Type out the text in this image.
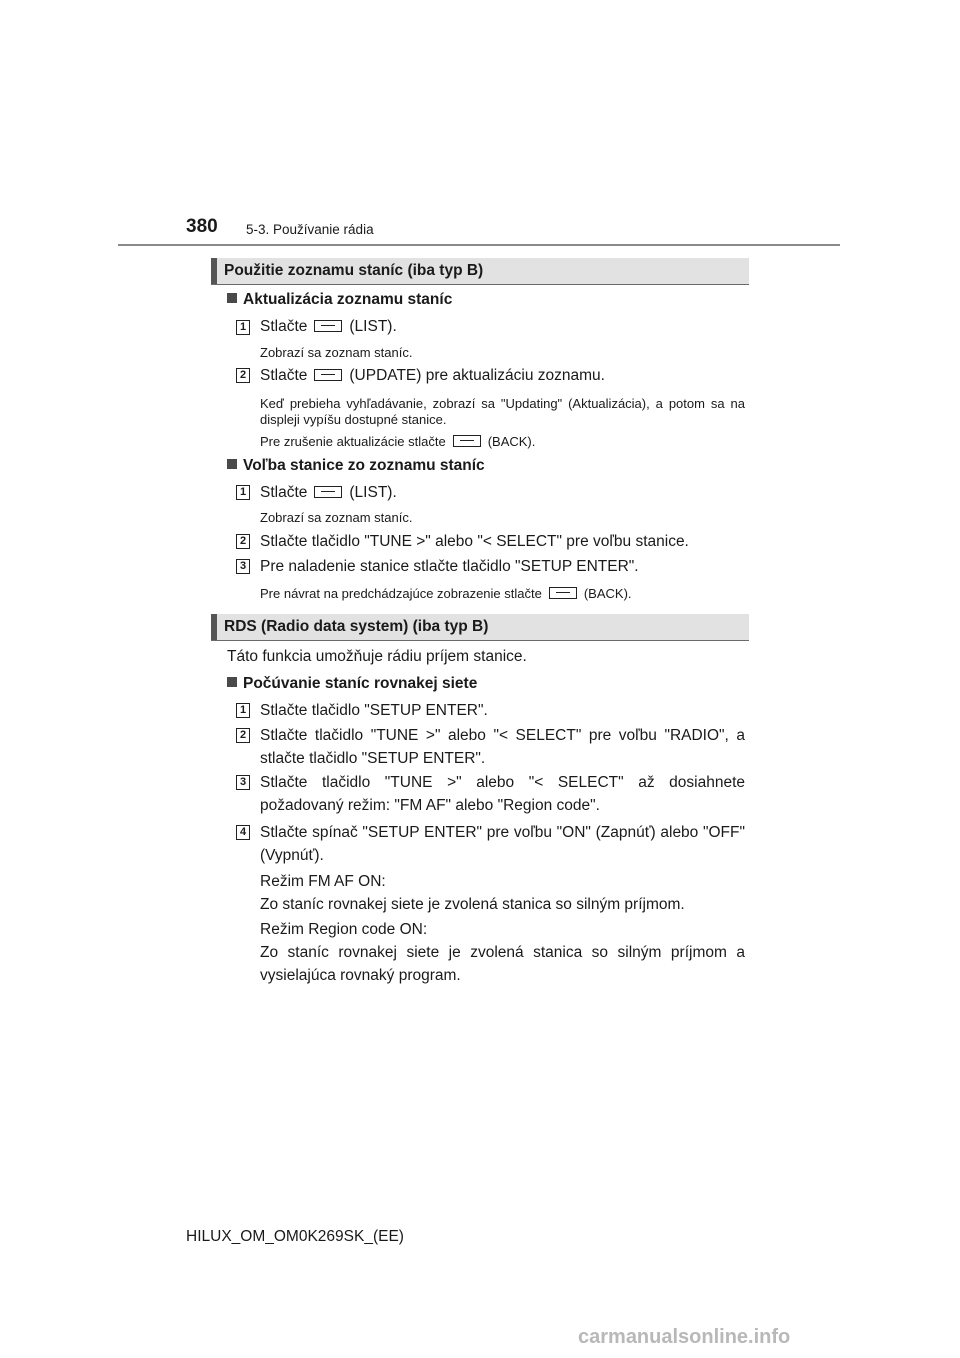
380 5-3. Používanie rádia
Použitie zoznamu staníc (iba typ B)
Aktualizácia zoznamu staníc
1 Stlačte	(LIST).
Zobrazí sa zoznam staníc.
2 Stlačte	(UPDATE) pre aktualizáciu zoznamu.
Keď prebieha vyhľadávanie, zobrazí sa "Updating" (Aktualizácia), a potom sa na displeji vypíšu dostupné stanice.
Pre zrušenie aktualizácie stlačte	(BACK).
Voľba stanice zo zoznamu staníc
1 Stlačte	(LIST).
Zobrazí sa zoznam staníc.
2 Stlačte tlačidlo "TUNE >" alebo "< SELECT" pre voľbu stanice.
3 Pre naladenie stanice stlačte tlačidlo "SETUP ENTER".
Pre návrat na predchádzajúce zobrazenie stlačte	(BACK).
RDS (Radio data system) (iba typ B)
Táto funkcia umožňuje rádiu príjem stanice.
Počúvanie staníc rovnakej siete
1 Stlačte tlačidlo "SETUP ENTER".
2 Stlačte tlačidlo "TUNE >" alebo "< SELECT" pre voľbu "RADIO", a stlačte tlačidlo "SETUP ENTER".
3 Stlačte tlačidlo "TUNE >" alebo "< SELECT" až dosiahnete požadovaný režim: "FM AF" alebo "Region code".
4 Stlačte spínač "SETUP ENTER" pre voľbu "ON" (Zapnúť) alebo "OFF" (Vypnúť).
Režim FM AF ON:
Zo staníc rovnakej siete je zvolená stanica so silným príjmom.
Režim Region code ON:
Zo staníc rovnakej siete je zvolená stanica so silným príjmom a vysielajúca rovnaký program.
HILUX_OM_OM0K269SK_(EE)
carmanualsonline.info
